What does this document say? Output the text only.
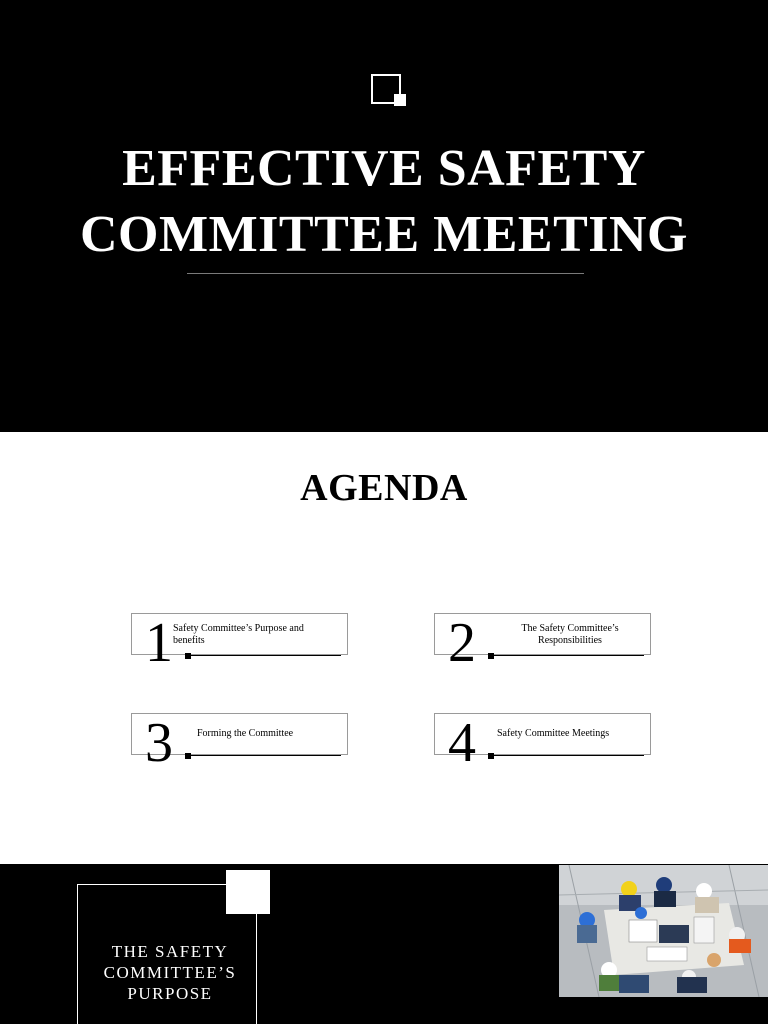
EFFECTIVE SAFETY
COMMITTEE MEETING
AGENDA
1 Safety Committee’s Purpose and benefits	2	The Safety Committee’s Responsibilities
3 Forming the Committee	4 Safety Committee Meetings
THE SAFETY
COMMITTEE’S
PURPOSE
